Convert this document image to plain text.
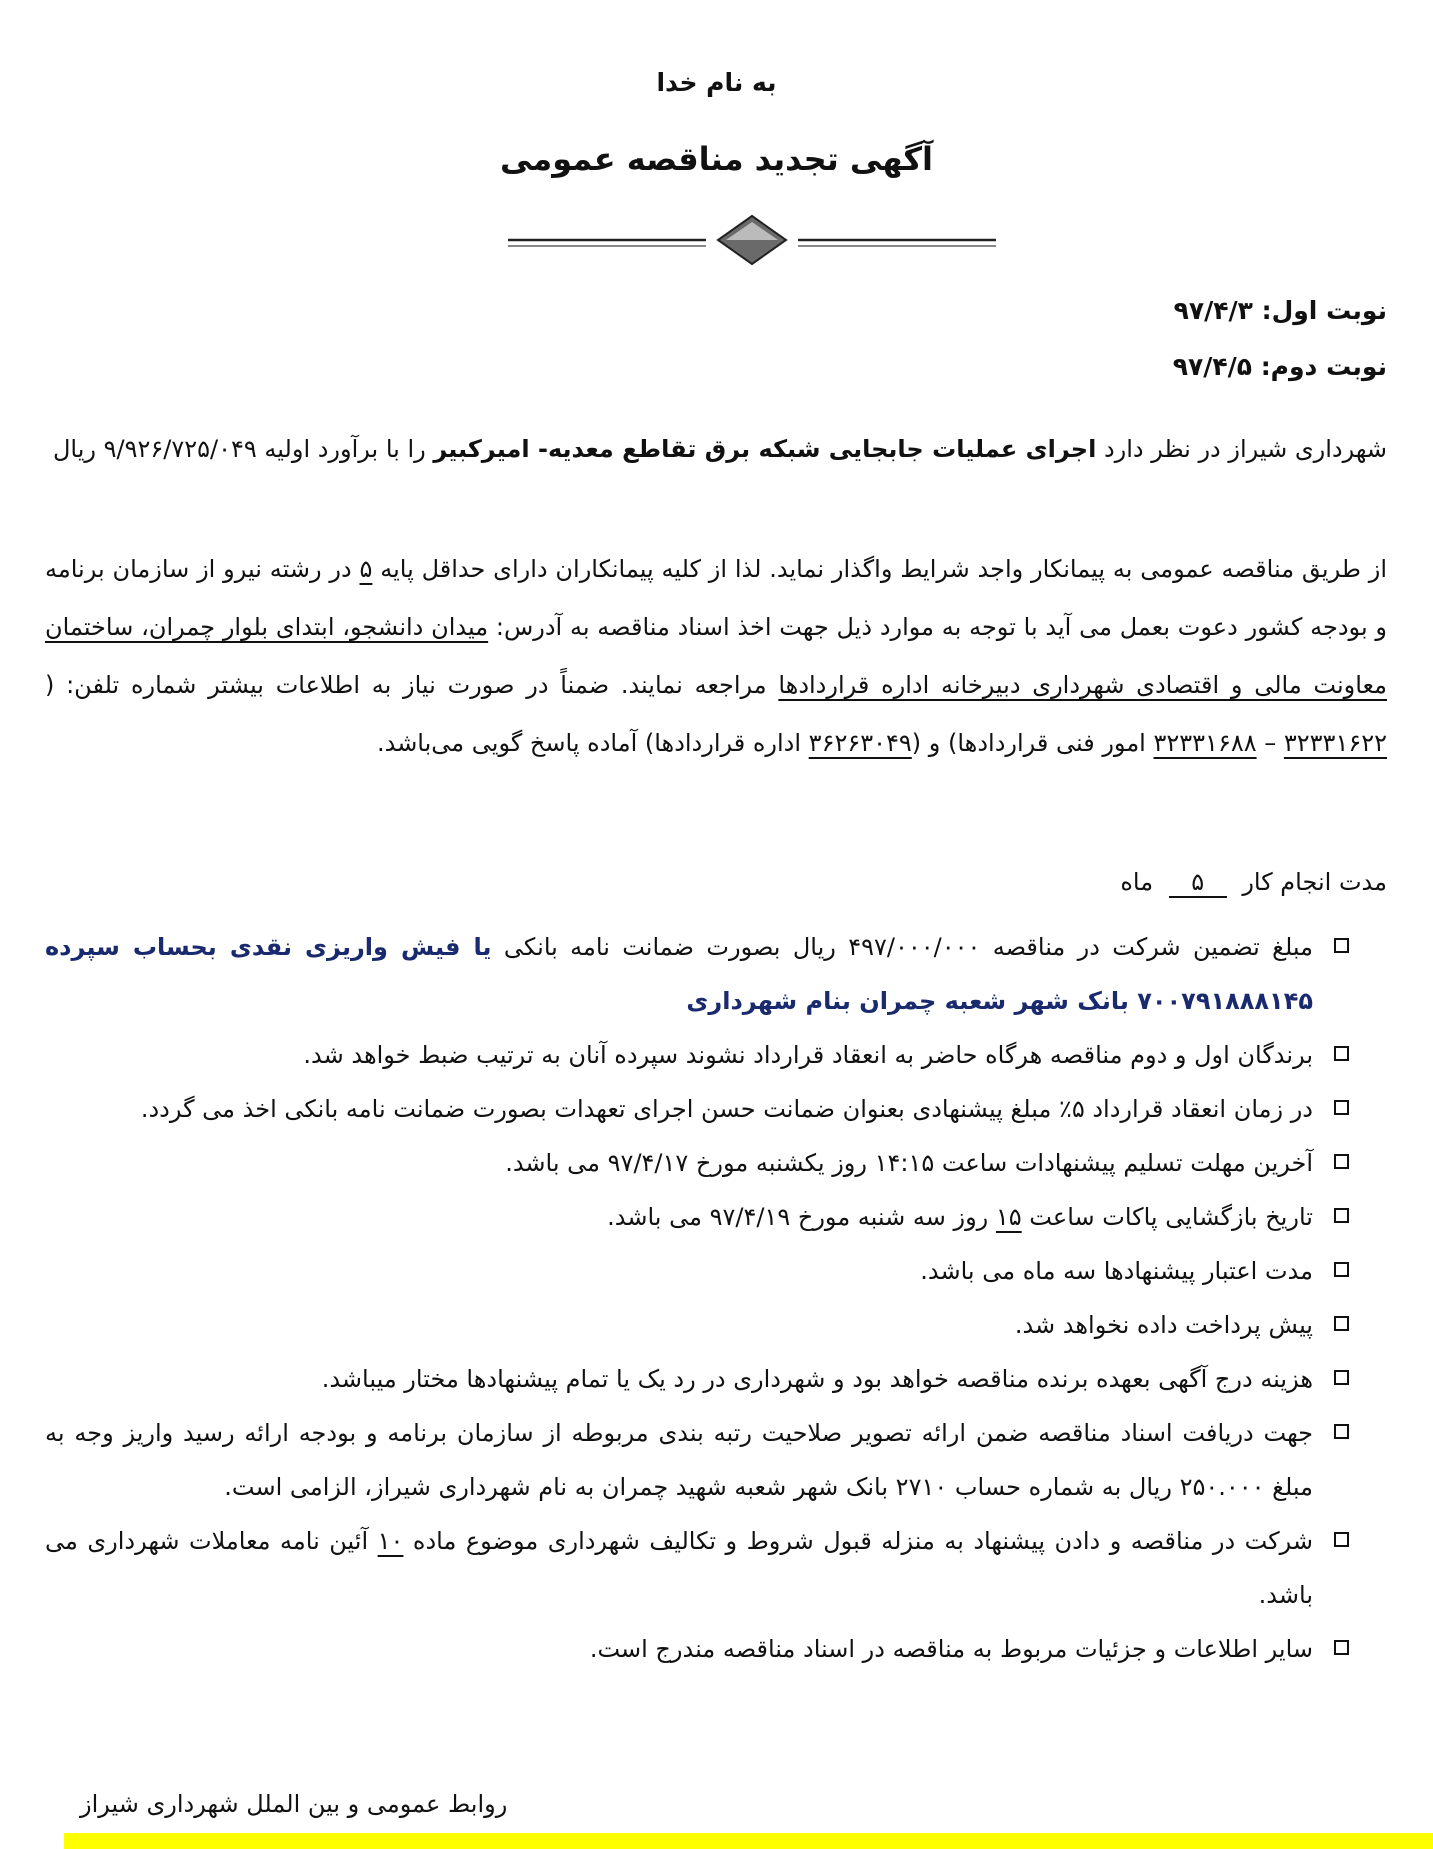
به نام خدا
آگهی تجدید مناقصه عمومی
نوبت اول: ۹۷/۴/۳
نوبت دوم: ۹۷/۴/۵
شهرداری شیراز در نظر دارد اجرای عملیات جابجایی شبکه برق تقاطع معدیه- امیرکبیر را با برآورد اولیه ۹/۹۲۶/۷۲۵/۰۴۹ ریال
از طریق مناقصه عمومی به پیمانکار واجد شرایط واگذار نماید. لذا از کلیه پیمانکاران دارای حداقل پایه ۵ در رشته نیرو از سازمان برنامه و بودجه کشور دعوت بعمل می آید با توجه به موارد ذیل جهت اخذ اسناد مناقصه به آدرس: میدان دانشجو، ابتدای بلوار چمران، ساختمان معاونت مالی و اقتصادی شهرداری دبیرخانه اداره قراردادها مراجعه نمایند. ضمناً در صورت نیاز به اطلاعات بیشتر شماره تلفن: ( ۳۲۳۳۱۶۲۲ – ۳۲۳۳۱۶۸۸ امور فنی قراردادها) و (۳۶۲۶۳۰۴۹ اداره قراردادها) آماده پاسخ گویی می‌باشد.
مدت انجام کار ۵ ماه
مبلغ تضمین شرکت در مناقصه ۴۹۷/۰۰۰/۰۰۰ ریال بصورت ضمانت نامه بانکی یا فیش واریزی نقدی بحساب سپرده ۷۰۰۷۹۱۸۸۸۱۴۵ بانک شهر شعبه چمران بنام شهرداری
برندگان اول و دوم مناقصه هرگاه حاضر به انعقاد قرارداد نشوند سپرده آنان به ترتیب ضبط خواهد شد.
در زمان انعقاد قرارداد ۵٪ مبلغ پیشنهادی بعنوان ضمانت حسن اجرای تعهدات بصورت ضمانت نامه بانکی اخذ می گردد.
آخرین مهلت تسلیم پیشنهادات ساعت ۱۴:۱۵ روز یکشنبه مورخ ۹۷/۴/۱۷ می باشد.
تاریخ بازگشایی پاکات ساعت ۱۵ روز سه شنبه مورخ ۹۷/۴/۱۹ می باشد.
مدت اعتبار پیشنهادها سه ماه می باشد.
پیش پرداخت داده نخواهد شد.
هزینه درج آگهی بعهده برنده مناقصه خواهد بود و شهرداری در رد یک یا تمام پیشنهادها مختار میباشد.
جهت دریافت اسناد مناقصه ضمن ارائه تصویر صلاحیت رتبه بندی مربوطه از سازمان برنامه و بودجه ارائه رسید واریز وجه به مبلغ ۲۵۰.۰۰۰ ریال به شماره حساب ۲۷۱۰ بانک شهر شعبه شهید چمران به نام شهرداری شیراز، الزامی است.
شرکت در مناقصه و دادن پیشنهاد به منزله قبول شروط و تکالیف شهرداری موضوع ماده ۱۰ آئین نامه معاملات شهرداری می باشد.
سایر اطلاعات و جزئیات مربوط به مناقصه در اسناد مناقصه مندرج است.
روابط عمومی و بین الملل شهرداری شیراز
